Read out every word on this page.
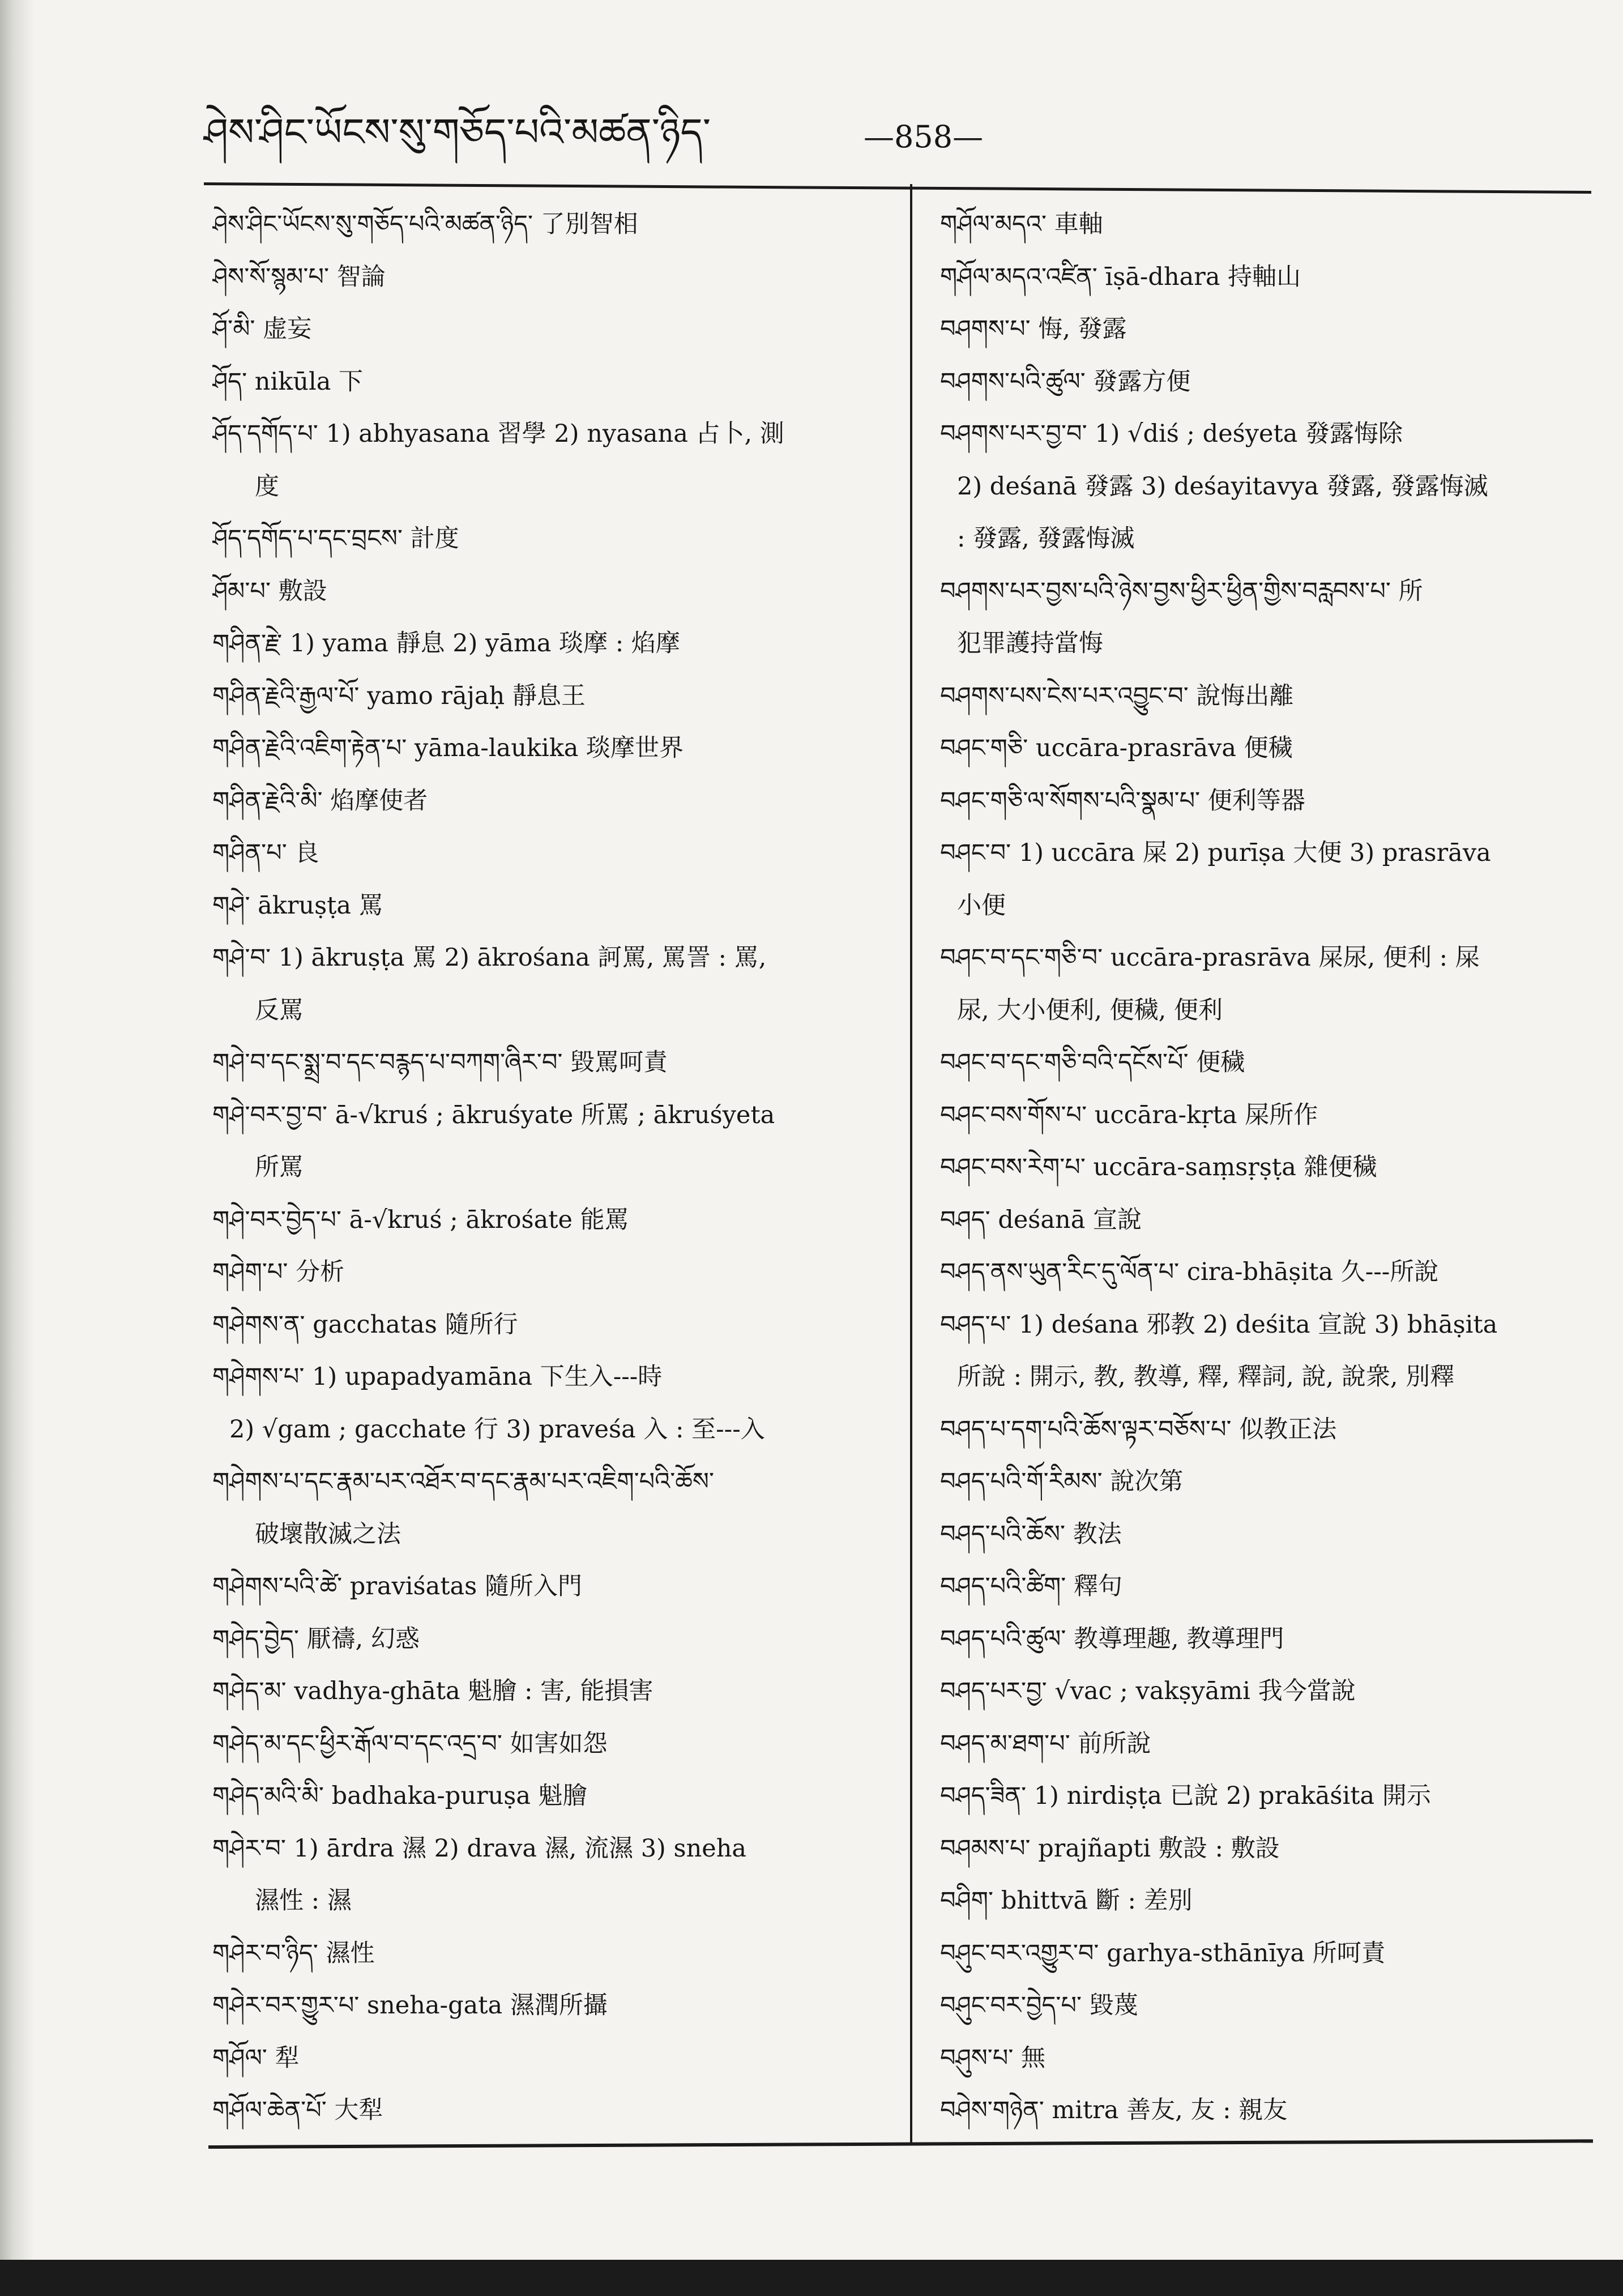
ཤེས་ཤིང་ཡོངས་སུ་གཅོད་པའི་མཚན་ཉིད་	—858—
ཤེས་ཤིང་ཡོངས་སུ་གཅོད་པའི་མཚན་ཉིད་ 了別智相
ཤེས་སོ་སྙམ་པ་ 智論
ཤོ་མི་ 虚妄
ཤོད་ nikūla 下
ཤོད་དགོད་པ་ 1) abhyasana 習學 2) nyasana 占卜, 測
度
ཤོད་དགོད་པ་དང་བྲངས་ 計度
ཤོམ་པ་ 敷設
གཤིན་རྗེ་ 1) yama 靜息 2) yāma 琰摩 : 焰摩
གཤིན་རྗེའི་རྒྱལ་པོ་ yamo rājaḥ 靜息王
གཤིན་རྗེའི་འཇིག་རྟེན་པ་ yāma-laukika 琰摩世界
གཤིན་རྗེའི་མི་ 焰摩使者
གཤིན་པ་ 良
གཤེ་ ākruṣṭa 罵
གཤེ་བ་ 1) ākruṣṭa 罵 2) ākrośana 訶罵, 罵詈 : 罵,
反罵
གཤེ་བ་དང་སྨྲ་བ་དང་བརྙད་པ་བཀག་ཞིར་བ་ 毀罵呵責
གཤེ་བར་བྱ་བ་ ā-√kruś ; ākruśyate 所罵 ; ākruśyeta
所罵
གཤེ་བར་བྱེད་པ་ ā-√kruś ; ākrośate 能罵
གཤེག་པ་ 分析
གཤེགས་ན་ gacchatas 隨所行
གཤེགས་པ་ 1) upapadyamāna 下生入---時
2) √gam ; gacchate 行 3) praveśa 入 : 至---入
གཤེགས་པ་དང་རྣམ་པར་འཐོར་བ་དང་རྣམ་པར་འཇིག་པའི་ཆོས་
破壞散滅之法
གཤེགས་པའི་ཚེ་ praviśatas 隨所入門
གཤེད་བྱེད་ 厭禱, 幻惑
གཤེད་མ་ vadhya-ghāta 魁膾 : 害, 能損害
གཤེད་མ་དང་ཕྱིར་རྒོལ་བ་དང་འདྲ་བ་ 如害如怨
གཤེད་མའི་མི་ badhaka-puruṣa 魁膾
གཤེར་བ་ 1) ārdra 濕 2) drava 濕, 流濕 3) sneha
濕性 : 濕
གཤེར་བ་ཉིད་ 濕性
གཤེར་བར་གྱུར་པ་ sneha-gata 濕潤所攝
གཤོལ་ 犁
གཤོལ་ཆེན་པོ་ 大犁
གཤོལ་མདའ་ 車軸
གཤོལ་མདའ་འཛིན་ īṣā-dhara 持軸山
བཤགས་པ་ 悔, 發露
བཤགས་པའི་ཚུལ་ 發露方便
བཤགས་པར་བྱ་བ་ 1) √diś ; deśyeta 發露悔除
2) deśanā 發露 3) deśayitavya 發露, 發露悔滅
: 發露, 發露悔滅
བཤགས་པར་བྱས་པའི་ཉེས་བྱས་ཕྱིར་ཕྱིན་གྱིས་བརླབས་པ་ 所
犯罪護持當悔
བཤགས་པས་ངེས་པར་འབྱུང་བ་ 說悔出離
བཤང་གཅི་ uccāra-prasrāva 便穢
བཤང་གཅི་ལ་སོགས་པའི་སྣམ་པ་ 便利等器
བཤང་བ་ 1) uccāra 屎 2) purīṣa 大便 3) prasrāva
小便
བཤང་བ་དང་གཅི་བ་ uccāra-prasrāva 屎尿, 便利 : 屎
尿, 大小便利, 便穢, 便利
བཤང་བ་དང་གཅི་བའི་དངོས་པོ་ 便穢
བཤང་བས་གོས་པ་ uccāra-kṛta 屎所作
བཤང་བས་རེག་པ་ uccāra-saṃsṛṣṭa 雜便穢
བཤད་ deśanā 宣說
བཤད་ནས་ཡུན་རིང་དུ་ལོན་པ་ cira-bhāṣita 久---所說
བཤད་པ་ 1) deśana 邪教 2) deśita 宣說 3) bhāṣita
所說 : 開示, 教, 教導, 釋, 釋詞, 說, 說衆, 別釋
བཤད་པ་དག་པའི་ཆོས་ལྟར་བཅོས་པ་ 似教正法
བཤད་པའི་གོ་རིམས་ 說次第
བཤད་པའི་ཆོས་ 教法
བཤད་པའི་ཚིག་ 釋句
བཤད་པའི་ཚུལ་ 教導理趣, 教導理門
བཤད་པར་བྱ་ √vac ; vakṣyāmi 我今當說
བཤད་མ་ཐག་པ་ 前所說
བཤད་ཟིན་ 1) nirdiṣṭa 已說 2) prakāśita 開示
བཤམས་པ་ prajñapti 敷設 : 敷設
བཤིག་ bhittvā 斷 : 差別
བཤུང་བར་འགྱུར་བ་ garhya-sthānīya 所呵責
བཤུང་བར་བྱེད་པ་ 毀蔑
བཤུས་པ་ 無
བཤེས་གཉེན་ mitra 善友, 友 : 親友
